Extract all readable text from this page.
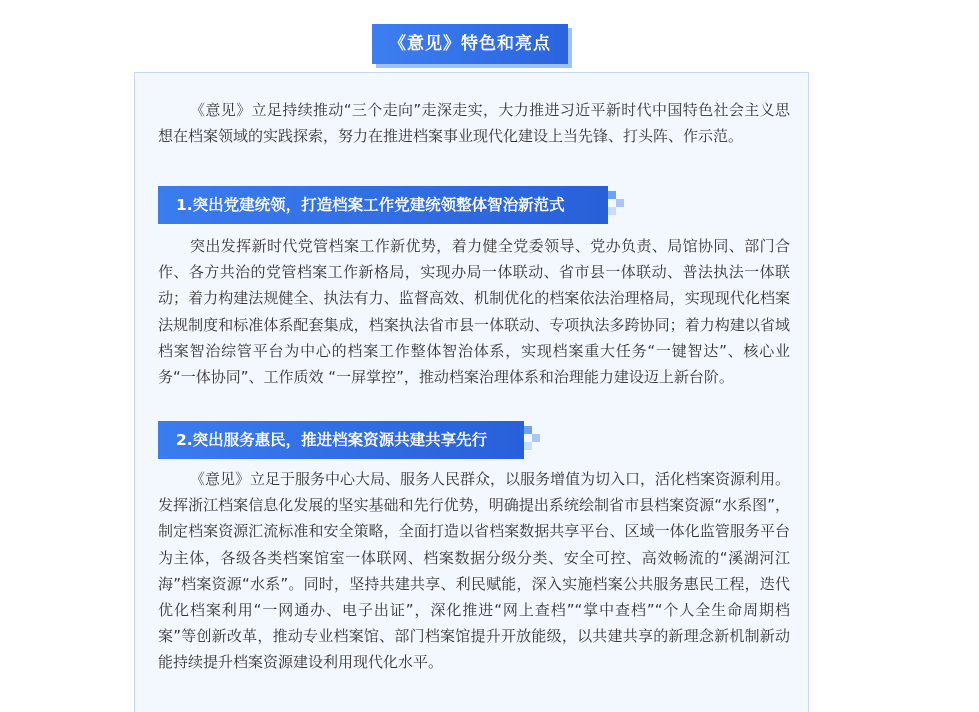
《意见》特色和亮点

《意见》立足持续推动“三个走向”走深走实，大力推进习近平新时代中国特色社会主义思想在档案领域的实践探索，努力在推进档案事业现代化建设上当先锋、打头阵、作示范。

1.突出党建统领，打造档案工作党建统领整体智治新范式

突出发挥新时代党管档案工作新优势，着力健全党委领导、党办负责、局馆协同、部门合作、各方共治的党管档案工作新格局，实现办局一体联动、省市县一体联动、普法执法一体联动；着力构建法规健全、执法有力、监督高效、机制优化的档案依法治理格局，实现现代化档案法规制度和标准体系配套集成，档案执法省市县一体联动、专项执法多跨协同；着力构建以省域档案智治综管平台为中心的档案工作整体智治体系，实现档案重大任务“一键智达”、核心业务“一体协同”、工作质效 “一屏掌控”，推动档案治理体系和治理能力建设迈上新台阶。

2.突出服务惠民，推进档案资源共建共享先行

《意见》立足于服务中心大局、服务人民群众，以服务增值为切入口，活化档案资源利用。发挥浙江档案信息化发展的坚实基础和先行优势，明确提出系统绘制省市县档案资源“水系图”，制定档案资源汇流标准和安全策略，全面打造以省档案数据共享平台、区域一体化监管服务平台为主体，各级各类档案馆室一体联网、档案数据分级分类、安全可控、高效畅流的“溪湖河江海”档案资源“水系”。同时，坚持共建共享、利民赋能，深入实施档案公共服务惠民工程，迭代优化档案利用“一网通办、电子出证”，深化推进“网上查档”“掌中查档”“个人全生命周期档案”等创新改革，推动专业档案馆、部门档案馆提升开放能级，以共建共享的新理念新机制新动能持续提升档案资源建设利用现代化水平。
